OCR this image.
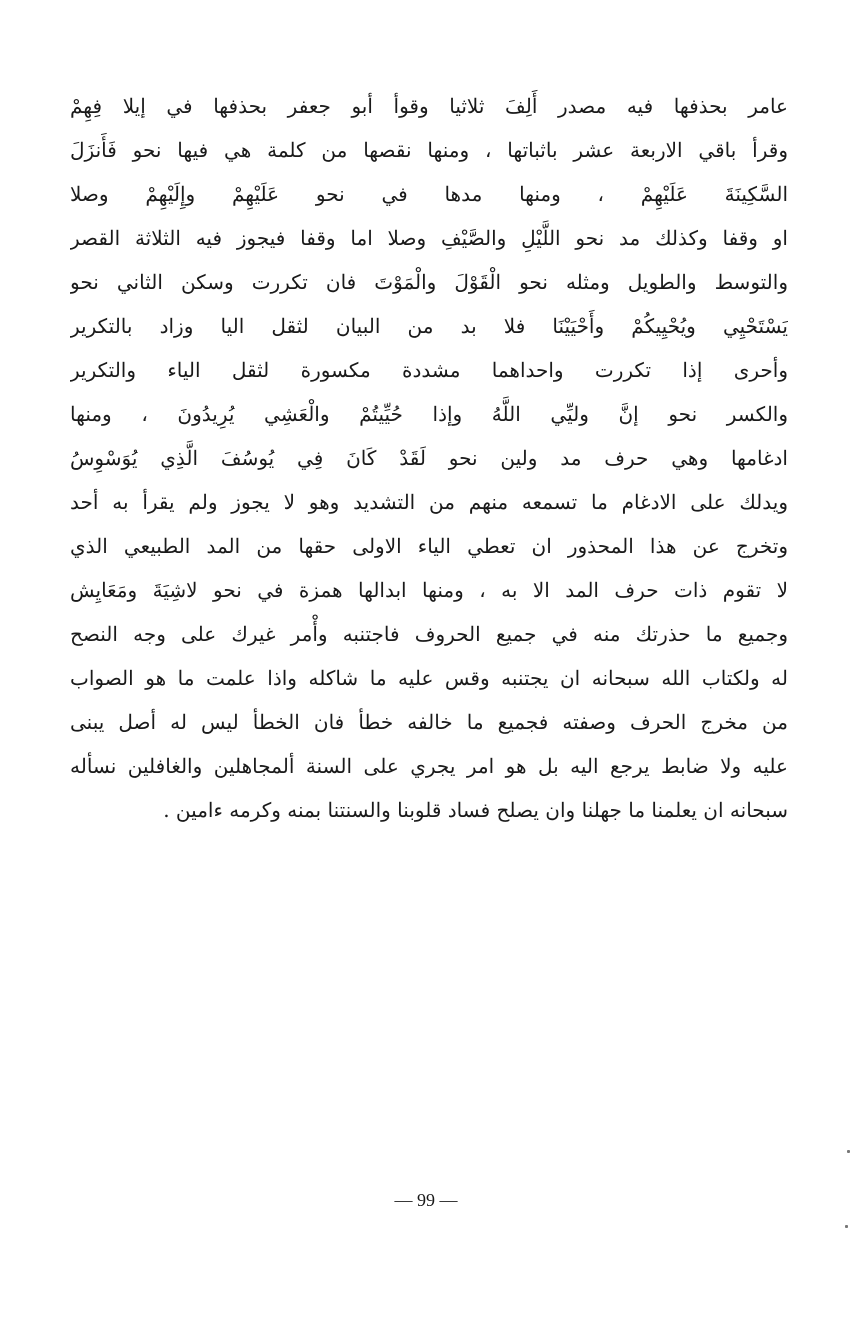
عامر بحذفها فيه مصدر أَلِفَ ثلاثيا وقوأ أبو جعفر بحذفها في إيلا فِهِمْ
وقرأ باقي الاربعة عشر باثباتها ، ومنها نقصها من كلمة هي فيها نحو فَأَنزَلَ
السَّكِينَةَ عَلَيْهِمْ ، ومنها مدها في نحو عَلَيْهِمْ وإِلَيْهِمْ وصلا
او وقفا وكذلك مد نحو اللَّيْلِ والصَّيْفِ وصلا اما وقفا فيجوز فيه الثلاثة القصر
والتوسط والطويل ومثله نحو الْقَوْلَ والْمَوْتَ فان تكررت وسكن الثاني نحو
يَسْتَحْيِي ويُحْيِيكُمْ وأَحْيَيْنَا فلا بد من البيان لثقل اليا وزاد بالتكرير
وأحرى إذا تكررت واحداهما مشددة مكسورة لثقل الياء والتكرير
والكسر نحو إنَّ وليِّي اللَّهُ وإذا حُيِّيتُمْ والْعَشِي يُرِيدُونَ ، ومنها
ادغامها وهي حرف مد ولين نحو لَقَدْ كَانَ فِي يُوسُفَ الَّذِي يُوَسْوِسُ
ويدلك على الادغام ما تسمعه منهم من التشديد وهو لا يجوز ولم يقرأ به أحد
وتخرج عن هذا المحذور ان تعطي الياء الاولى حقها من المد الطبيعي الذي
لا تقوم ذات حرف المد الا به ، ومنها ابدالها همزة في نحو لاشِيَةَ ومَعَايِش
وجميع ما حذرتك منه في جميع الحروف فاجتنبه وأْمر غيرك على وجه النصح
له ولكتاب الله سبحانه ان يجتنبه وقس عليه ما شاكله واذا علمت ما هو الصواب
من مخرج الحرف وصفته فجميع ما خالفه خطأ فان الخطأ ليس له أصل يبنى
عليه ولا ضابط يرجع اليه بل هو امر يجري على السنة ألمجاهلين والغافلين نسأله
سبحانه ان يعلمنا ما جهلنا وان يصلح فساد قلوبنا والسنتنا بمنه وكرمه ءامين .
— 99 —
